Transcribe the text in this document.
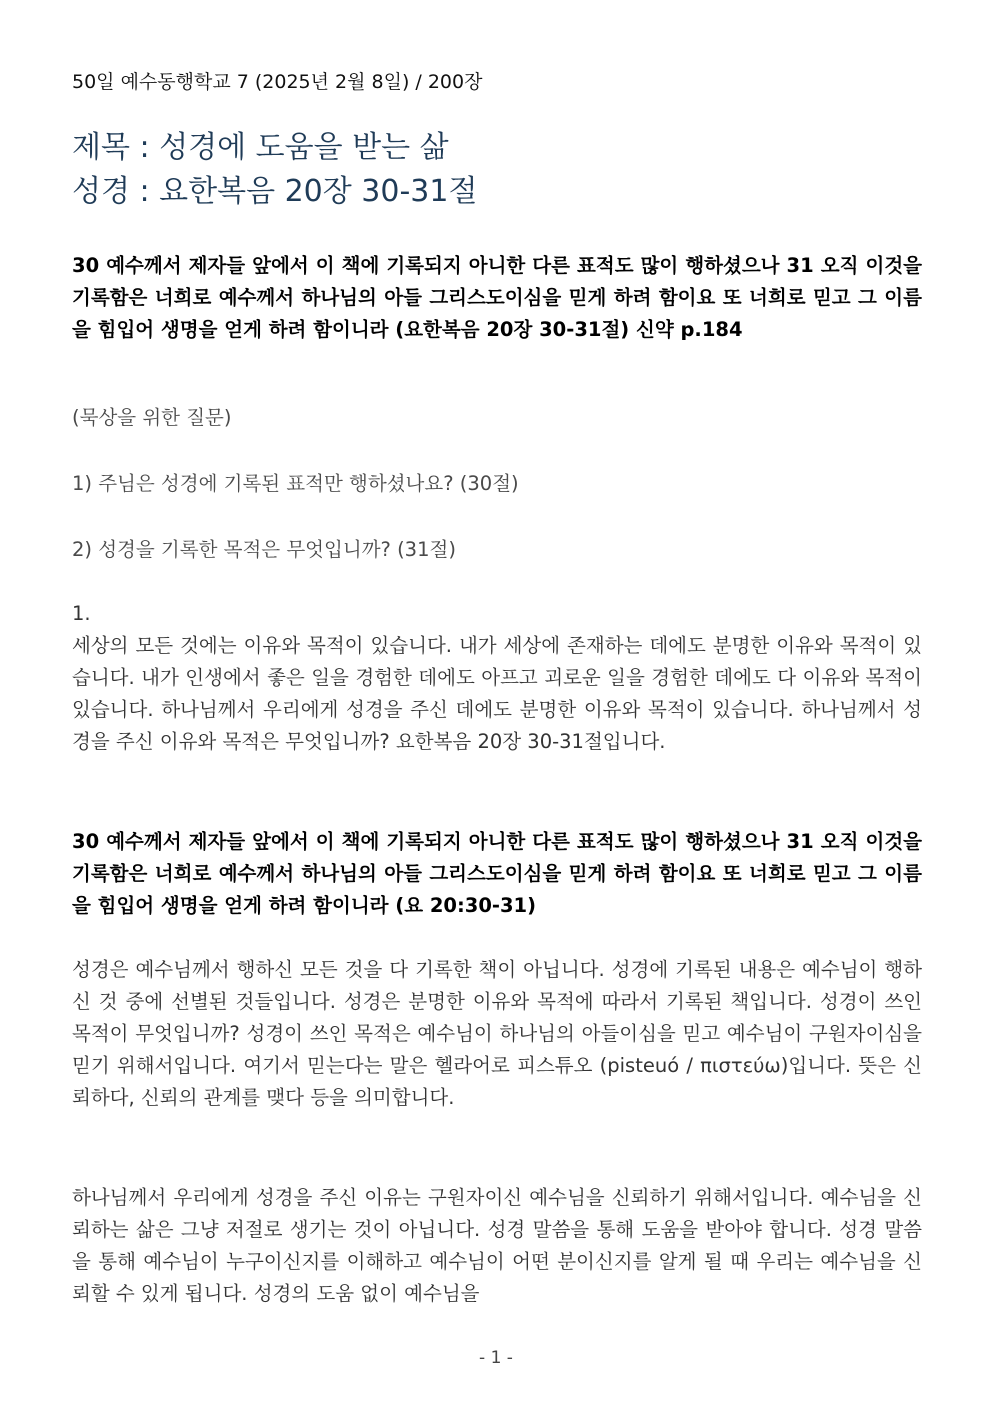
50일 예수동행학교 7 (2025년 2월 8일) / 200장
제목 : 성경에 도움을 받는 삶
성경 : 요한복음 20장 30-31절

30 예수께서 제자들 앞에서 이 책에 기록되지 아니한 다른 표적도 많이 행하셨으나 31 오직 이것을 기록함은 너희로 예수께서 하나님의 아들 그리스도이심을 믿게 하려 함이요 또 너희로 믿고 그 이름을 힘입어 생명을 얻게 하려 함이니라 (요한복음 20장 30-31절) 신약 p.184

(묵상을 위한 질문)

1) 주님은 성경에 기록된 표적만 행하셨나요? (30절)

2) 성경을 기록한 목적은 무엇입니까? (31절)

1.

세상의 모든 것에는 이유와 목적이 있습니다. 내가 세상에 존재하는 데에도 분명한 이유와 목적이 있습니다. 내가 인생에서 좋은 일을 경험한 데에도 아프고 괴로운 일을 경험한 데에도 다 이유와 목적이 있습니다. 하나님께서 우리에게 성경을 주신 데에도 분명한 이유와 목적이 있습니다. 하나님께서 성경을 주신 이유와 목적은 무엇입니까? 요한복음 20장 30-31절입니다.

30 예수께서 제자들 앞에서 이 책에 기록되지 아니한 다른 표적도 많이 행하셨으나 31 오직 이것을 기록함은 너희로 예수께서 하나님의 아들 그리스도이심을 믿게 하려 함이요 또 너희로 믿고 그 이름을 힘입어 생명을 얻게 하려 함이니라 (요 20:30-31)

성경은 예수님께서 행하신 모든 것을 다 기록한 책이 아닙니다. 성경에 기록된 내용은 예수님이 행하신 것 중에 선별된 것들입니다. 성경은 분명한 이유와 목적에 따라서 기록된 책입니다. 성경이 쓰인 목적이 무엇입니까? 성경이 쓰인 목적은 예수님이 하나님의 아들이심을 믿고 예수님이 구원자이심을 믿기 위해서입니다. 여기서 믿는다는 말은 헬라어로 피스튜오 (pisteuó / πιστεύω)입니다. 뜻은 신뢰하다, 신뢰의 관계를 맺다 등을 의미합니다.

하나님께서 우리에게 성경을 주신 이유는 구원자이신 예수님을 신뢰하기 위해서입니다. 예수님을 신뢰하는 삶은 그냥 저절로 생기는 것이 아닙니다. 성경 말씀을 통해 도움을 받아야 합니다. 성경 말씀을 통해 예수님이 누구이신지를 이해하고 예수님이 어떤 분이신지를 알게 될 때 우리는 예수님을 신뢰할 수 있게 됩니다. 성경의 도움 없이 예수님을

- 1 -
